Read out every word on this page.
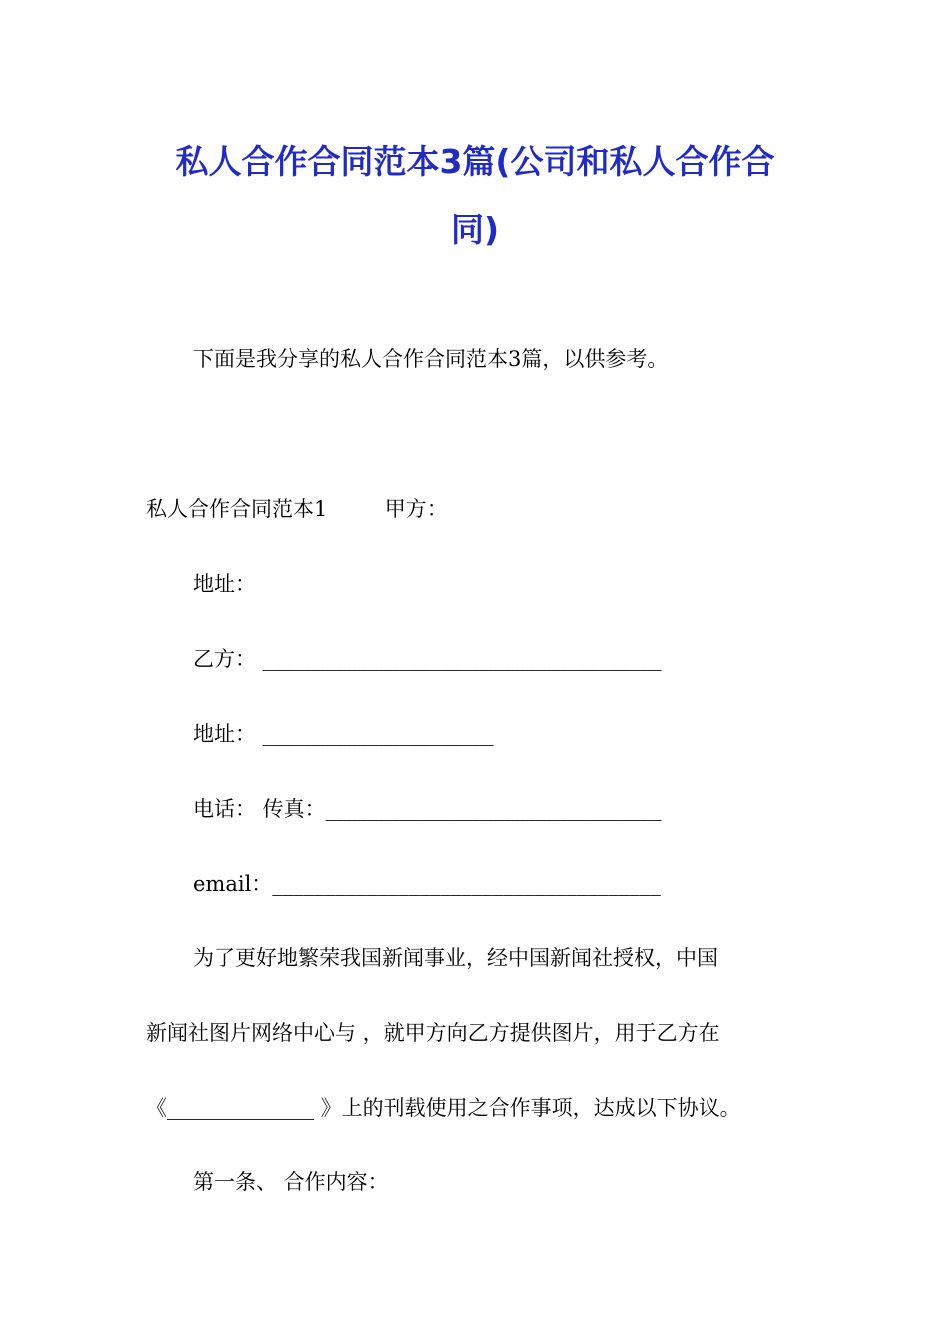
私人合作合同范本3篇(公司和私人合作合
同)

下面是我分享的私人合作合同范本3篇，以供参考。

私人合作合同范本1	甲方：

地址：

乙方： ______________________________________

地址： ______________________

电话： 传真：________________________________

email：_____________________________________

为了更好地繁荣我国新闻事业，经中国新闻社授权，中国

新闻社图片网络中心与 ，就甲方向乙方提供图片，用于乙方在

《______________ 》上的刊载使用之合作事项，达成以下协议。

第一条、 合作内容：
